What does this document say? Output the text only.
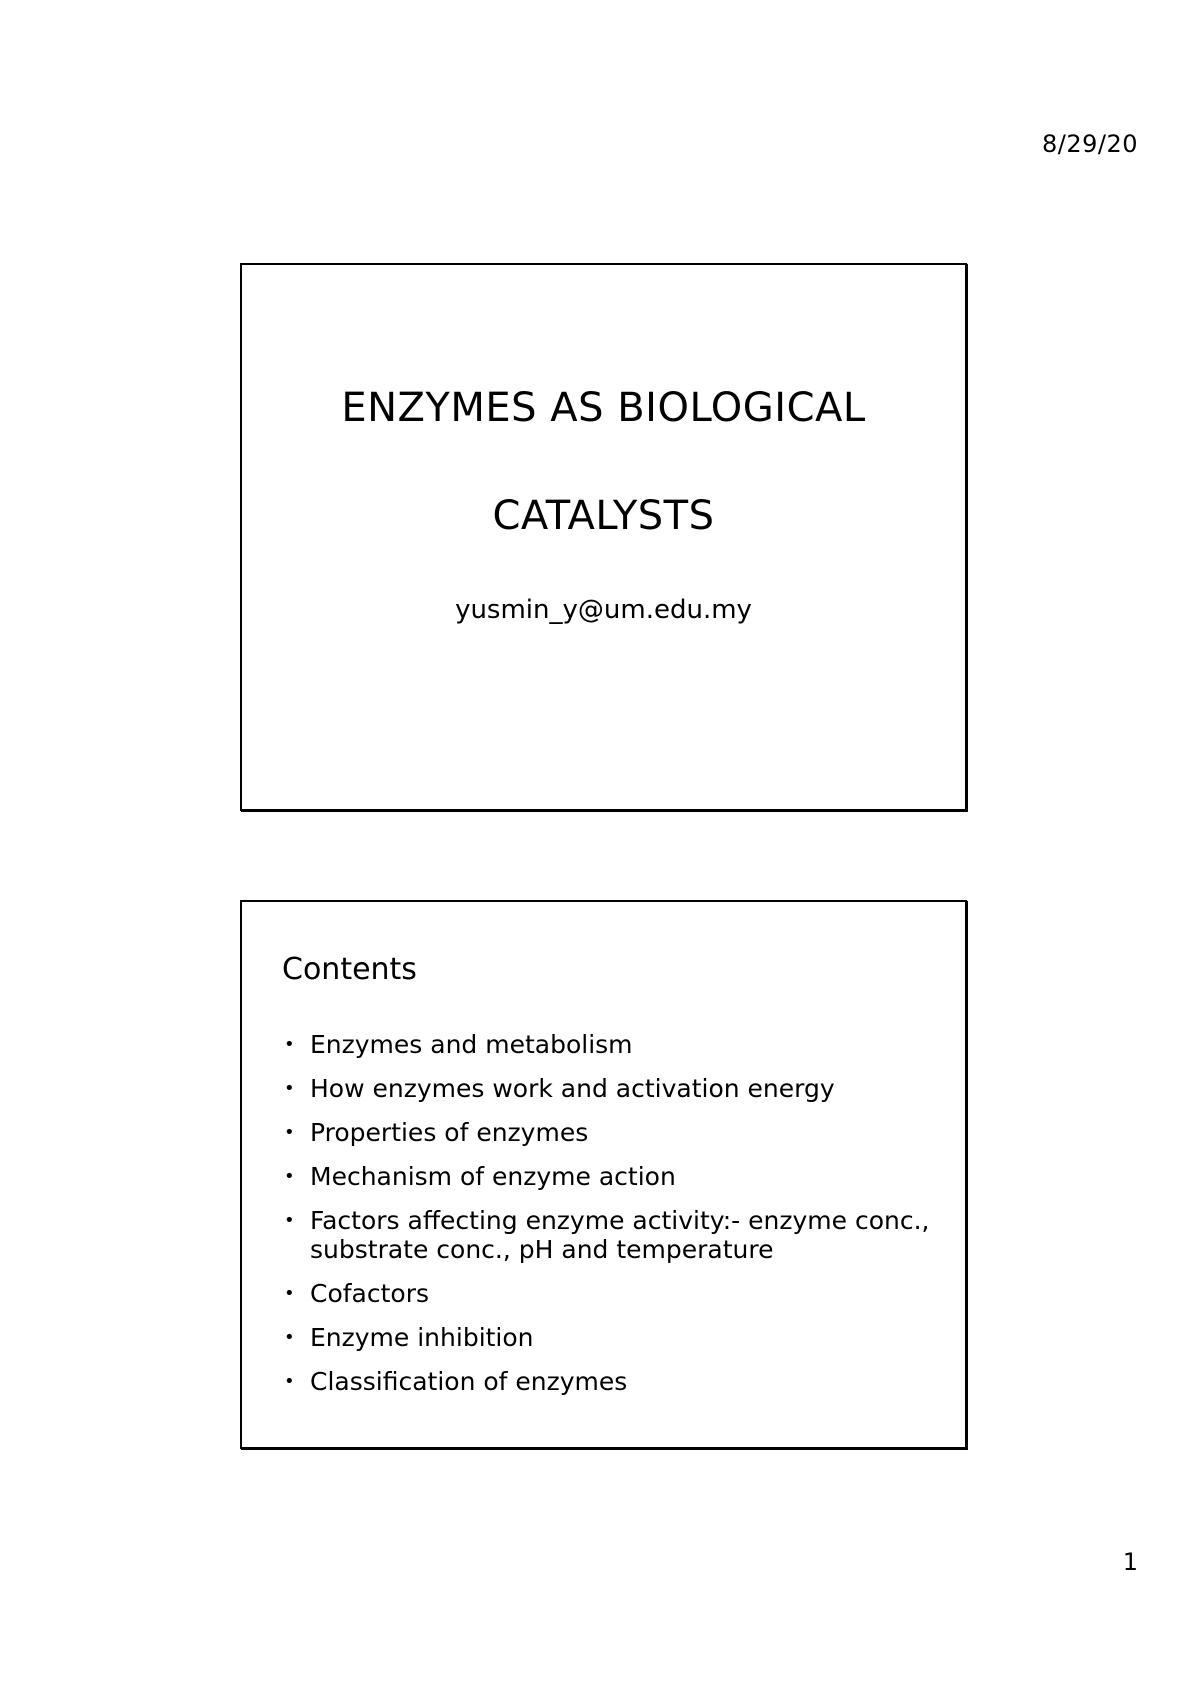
8/29/20
ENZYMES AS BIOLOGICAL
CATALYSTS
yusmin_y@um.edu.my
Contents
• Enzymes and metabolism
• How enzymes work and activation energy
• Properties of enzymes
• Mechanism of enzyme action
• Factors affecting enzyme activity:- enzyme conc., substrate conc., pH and temperature
• Cofactors
• Enzyme inhibition
• Classification of enzymes
1
